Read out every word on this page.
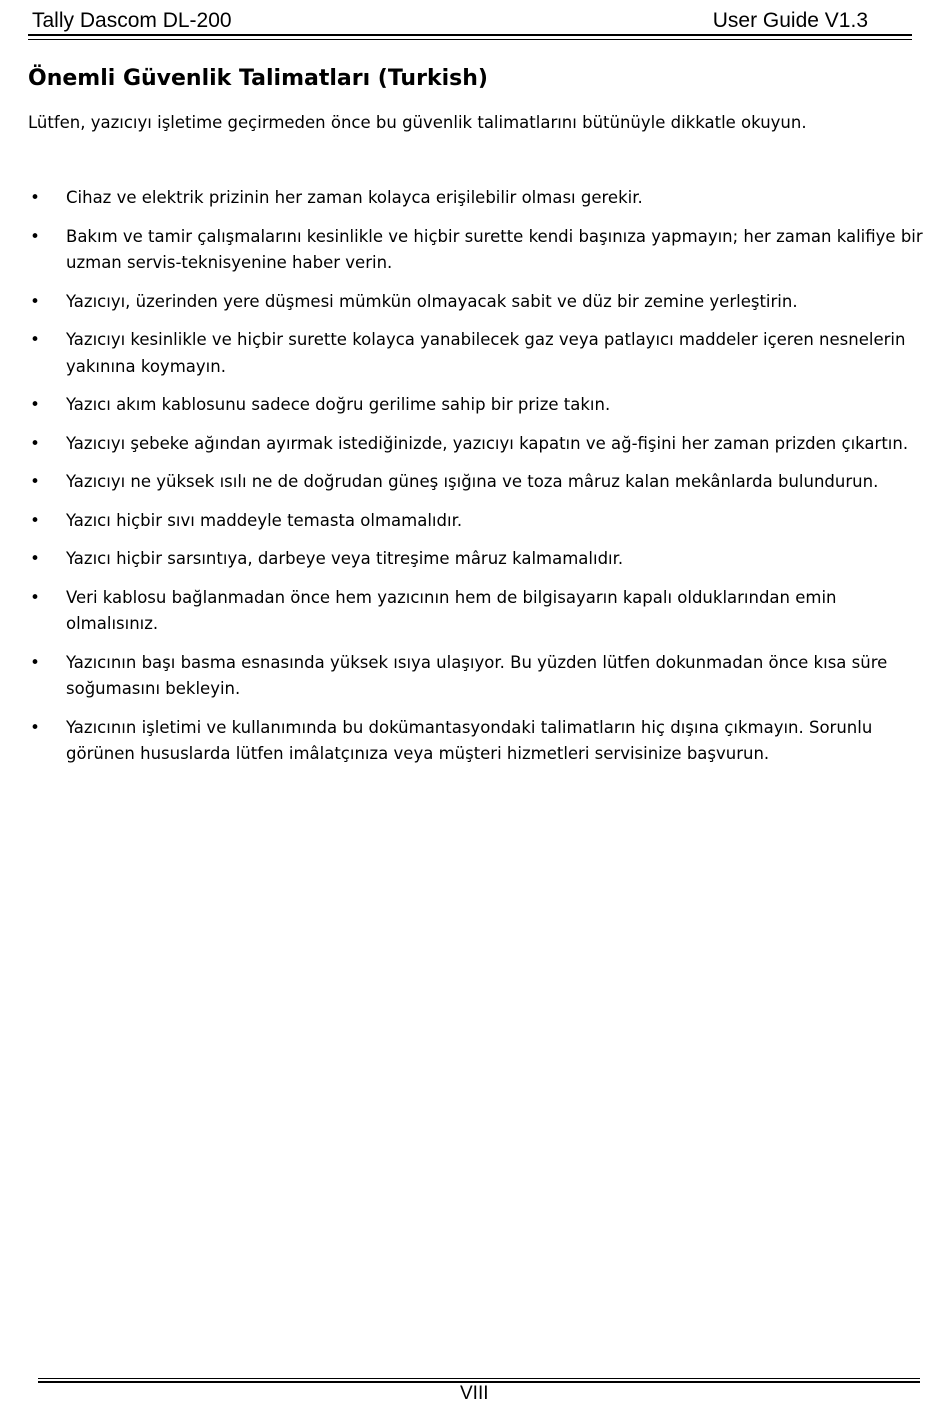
Tally Dascom DL-200	User Guide V1.3
Önemli Güvenlik Talimatları (Turkish)

Lütfen, yazıcıyı işletime geçirmeden önce bu güvenlik talimatlarını bütünüyle dikkatle okuyun.

• Cihaz ve elektrik prizinin her zaman kolayca erişilebilir olması gerekir.
• Bakım ve tamir çalışmalarını kesinlikle ve hiçbir surette kendi başınıza yapmayın; her zaman kalifiye bir uzman servis-teknisyenine haber verin.
• Yazıcıyı, üzerinden yere düşmesi mümkün olmayacak sabit ve düz bir zemine yerleştirin.
• Yazıcıyı kesinlikle ve hiçbir surette kolayca yanabilecek gaz veya patlayıcı maddeler içeren nesnelerin yakınına koymayın.
• Yazıcı akım kablosunu sadece doğru gerilime sahip bir prize takın.
• Yazıcıyı şebeke ağından ayırmak istediğinizde, yazıcıyı kapatın ve ağ-fişini her zaman prizden çıkartın.
• Yazıcıyı ne yüksek ısılı ne de doğrudan güneş ışığına ve toza mâruz kalan mekânlarda bulundurun.
• Yazıcı hiçbir sıvı maddeyle temasta olmamalıdır.
• Yazıcı hiçbir sarsıntıya, darbeye veya titreşime mâruz kalmamalıdır.
• Veri kablosu bağlanmadan önce hem yazıcının hem de bilgisayarın kapalı olduklarından emin olmalısınız.
• Yazıcının başı basma esnasında yüksek ısıya ulaşıyor. Bu yüzden lütfen dokunmadan önce kısa süre soğumasını bekleyin.
• Yazıcının işletimi ve kullanımında bu dokümantasyondaki talimatların hiç dışına çıkmayın. Sorunlu görünen hususlarda lütfen imâlatçınıza veya müşteri hizmetleri servisinize başvurun.
VIII
